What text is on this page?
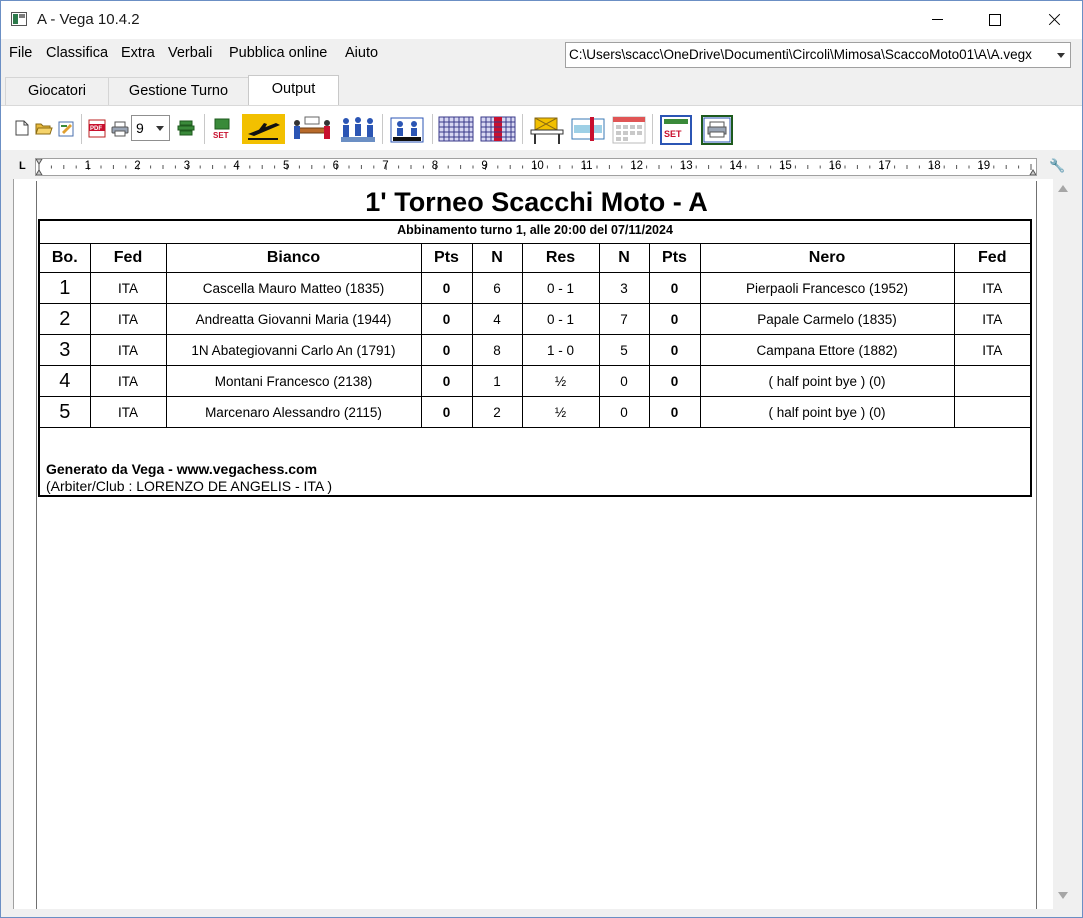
A - Vega 10.4.2
File Classifica Extra Verbali Pubblica online Aiuto	C:\Users\scacc\OneDrive\Documenti\Circoli\Mimosa\ScaccoMoto01\A\A.vegx
Giocatori	Gestione Turno	Output
PDF 9	SET	SET
L	1	2	3	4	5	6	7	8	9	10	11	12	13	14	15	16	17	18	19	🔧
1' Torneo Scacchi Moto - A
Abbinamento turno 1, alle 20:00 del 07/11/2024
Bo.	Fed	Bianco	Pts	N	Res	N	Pts	Nero	Fed
1	ITA	Cascella Mauro Matteo (1835)	0	6	0 - 1	3	0	Pierpaoli Francesco (1952)	ITA
2	ITA	Andreatta Giovanni Maria (1944)	0	4	0 - 1	7	0	Papale Carmelo (1835)	ITA
3	ITA	1N Abategiovanni Carlo An (1791)	0	8	1 - 0	5	0	Campana Ettore (1882)	ITA
4	ITA	Montani Francesco (2138)	0	1	½	0	0	( half point bye ) (0)	
5	ITA	Marcenaro Alessandro (2115)	0	2	½	0	0	( half point bye ) (0)	
Generato da Vega - www.vegachess.com
(Arbiter/Club : LORENZO DE ANGELIS - ITA )
